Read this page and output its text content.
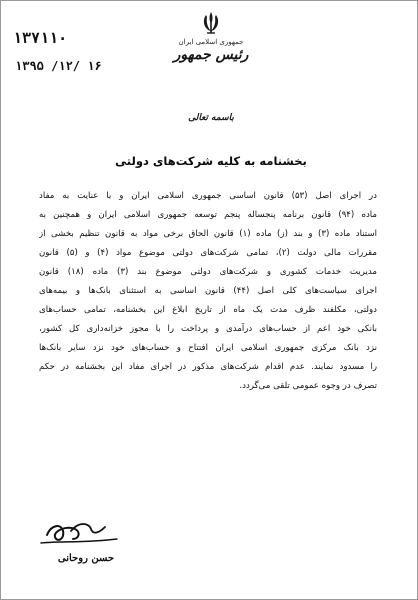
۱۳۷۱۱۰
۱۳۹۵ /۱۲/ ۱۶
جمهوری اسلامی ایران
رئیس جمهور
باسمه تعالی
بخشنامه به کلیه شرکت‌های دولتی
در اجرای اصل (۵۳) قانون اساسی جمهوری اسلامی ایران و با عنایت به مفاد
ماده (۹۴) قانون برنامه پنجساله پنجم توسعه جمهوری اسلامی ایران و همچنین به
استناد ماده (۳) و بند (ز) ماده (۱) قانون الحاق برخی مواد به قانون تنظیم بخشی از
مقررات مالی دولت (۲)، تمامی شرکت‌های دولتی موضوع مواد (۴) و (۵) قانون
مدیریت خدمات کشوری و شرکت‌های دولتی موضوع بند (۳) ماده (۱۸) قانون
اجرای سیاست‌های کلی اصل (۴۴) قانون اساسی به استثنای بانک‌ها و بیمه‌های
دولتی، مکلفند ظرف مدت یک ماه از تاریخ ابلاغ این بخشنامه، تمامی حساب‌های
بانکی خود اعم از حساب‌های درآمدی و پرداخت را با مجوز خزانه‌داری کل کشور،
نزد بانک مرکزی جمهوری اسلامی ایران افتتاح و حساب‌های خود نزد سایر بانک‌ها
را مسدود نمایند. عدم اقدام شرکت‌های مذکور در اجرای مفاد این بخشنامه در حکم
تصرف در وجوه عمومی تلقی می‌گردد.
حسن روحانی
